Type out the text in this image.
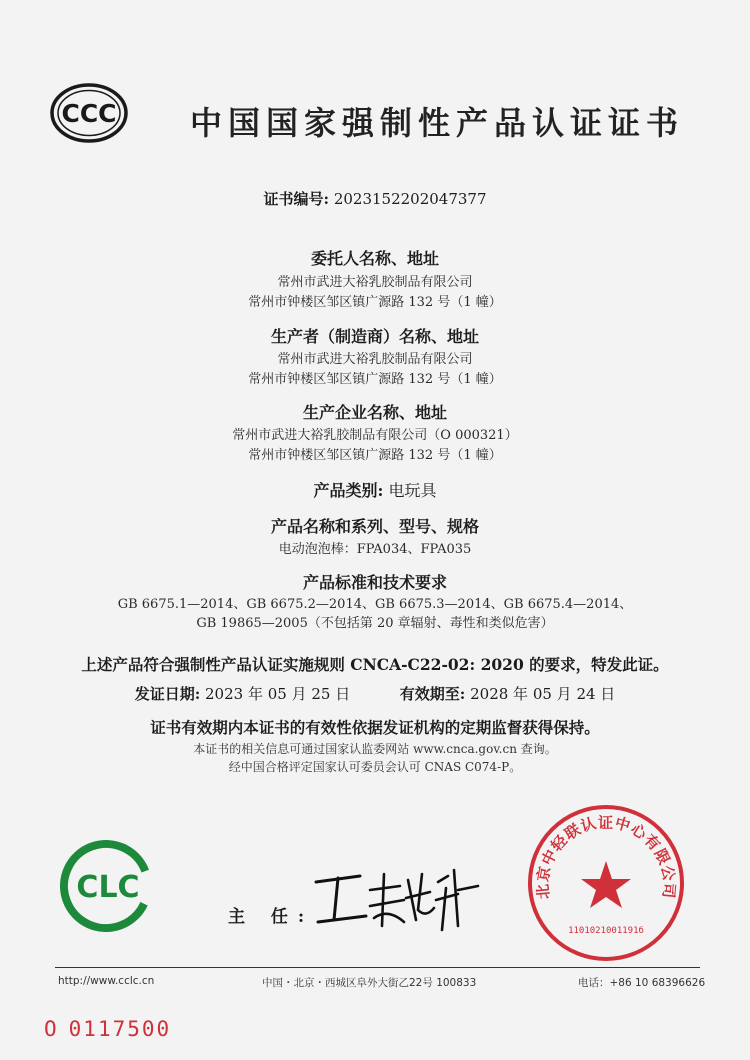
CCC 中国国家强制性产品认证证书
证书编号: 2023152202047377
委托人名称、地址
常州市武进大裕乳胶制品有限公司
常州市钟楼区邹区镇广源路 132 号（1 幢）
生产者（制造商）名称、地址
常州市武进大裕乳胶制品有限公司
常州市钟楼区邹区镇广源路 132 号（1 幢）
生产企业名称、地址
常州市武进大裕乳胶制品有限公司（O 000321）
常州市钟楼区邹区镇广源路 132 号（1 幢）
产品类别: 电玩具
产品名称和系列、型号、规格
电动泡泡棒：FPA034、FPA035
产品标准和技术要求
GB 6675.1—2014、GB 6675.2—2014、GB 6675.3—2014、GB 6675.4—2014、
GB 19865—2005（不包括第 20 章辐射、毒性和类似危害）
上述产品符合强制性产品认证实施规则 CNCA-C22-02: 2020 的要求，特发此证。
发证日期: 2023 年 05 月 25 日	有效期至: 2028 年 05 月 24 日
证书有效期内本证书的有效性依据发证机构的定期监督获得保持。
本证书的相关信息可通过国家认监委网站 www.cnca.gov.cn 查询。
经中国合格评定国家认可委员会认可 CNAS C074-P。
CLC
主 任:
北京中轻联认证中心有限公司
1101021001191б
http://www.cclc.cn	中国・北京・西城区阜外大街乙22号 100833	电话：+86 10 68396626
O 0117500
